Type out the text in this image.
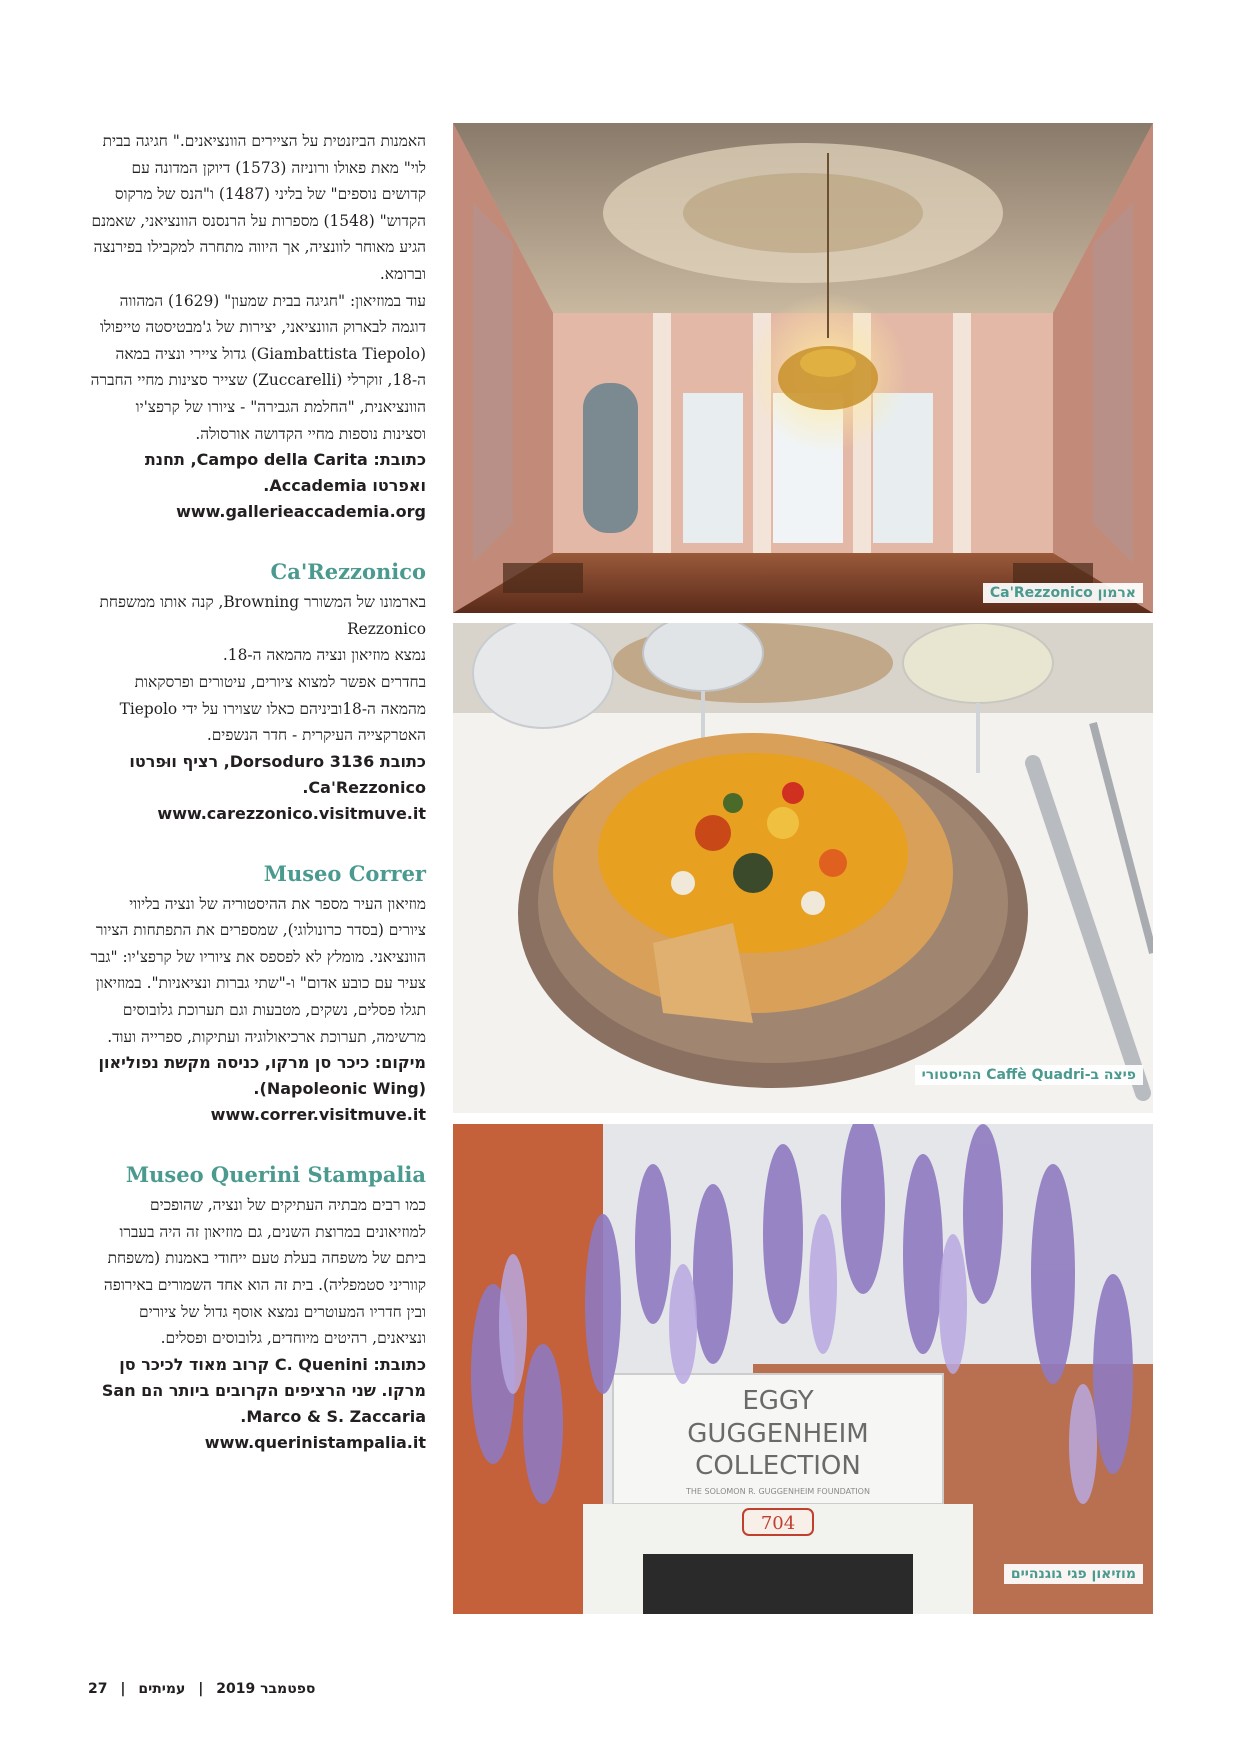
האמנות הביזנטית על הציירים הוונציאנים." חגיגה בבית לוי" מאת פאולו ורוניזה (1573) דיוקן המדונה עם קדושים נוספים" של בליני (1487) ו"הנס של מרקוס הקדוש" (1548) מספרות על הרנסנס הוונציאני, שאמנם הגיע מאוחר לוונציה, אך היווה מתחרה למקבילו בפירנצה וברומא.

עוד במוזיאון: "חגיגה בבית שמעון" (1629) המהווה דוגמה לבארוק הוונציאני, יצירות של ג'מבטיסטה טייפולו (Giambattista Tiepolo) גדול ציירי ונציה במאה ה-18, זוקרלי (Zuccarelli) שצייר סצינות מחיי החברה הוונציאנית, "החלמת הגבירה" - ציורו של קרפצ'יו וסצינות נוספות מחיי הקדושה אורסולה.

כתובת: Campo della Carita, תחנת ואפרטו Accademia.

www.gallerieaccademia.org

Ca'Rezzonico

בארמונו של המשורר Browning, קנה אותו ממשפחת Rezzonico

נמצא מוזיאון ונציה מהמאה ה-18.

בחדרים אפשר למצוא ציורים, עיטורים ופרסקאות מהמאה ה-18וביניהם כאלו שצוירו על ידי Tiepolo האטרקצייה העיקרית - חדר הנשפים.

כתובת Dorsoduro 3136, רציף ווּפרטו Ca'Rezzonico.

www.carezzonico.visitmuve.it

Museo Correr

מוזיאון העיר מספר את ההיסטוריה של ונציה בליווי ציורים (בסדר כרונולוגי), שמספרים את התפתחות הציור הוונציאני. מומלץ לא לפספס את ציוריו של קרפצ'יו: "גבר צעיר עם כובע אדום" ו-"שתי גברות ונציאניות". במוזיאון תגלו פסלים, נשקים, מטבעות וגם תערוכת גלובוסים מרשימה, תערוכת ארכיאולוגיה ועתיקות, ספרייה ועוד.

מיקום: כיכר סן מרקו, כניסה מקשת נפוליאון (Napoleonic Wing).

www.correr.visitmuve.it

Museo Querini Stampalia

כמו רבים מבתיה העתיקים של ונציה, שהופכים למוזיאונים במרוצת השנים, גם מוזיאון זה היה בעברו ביתם של משפחה בעלת טעם ייחודי באמנות (משפחת קווריני סטמפליה). בית זה הוא אחד השמורים באירופה ובין חדריו המעוטרים נמצא אוסף גדול של ציורים ונציאנים, רהיטים מיוחדים, גלובוסים ופסלים.

כתובת: C. Quenini קרוב מאוד לכיכר סן מרקו. שני הרציפים הקרובים ביותר הם San Marco & S. Zaccaria.

www.querinistampalia.it

ארמון Ca'Rezzonico
פיצה ב-Caffè Quadri ההיסטורי
EGGY
GUGGENHEIM
COLLECTION
THE SOLOMON R. GUGGENHEIM FOUNDATION
704
מוזיאון פגי גוגנהיים
27 |	ספטמבר 2019 | עמיתים
